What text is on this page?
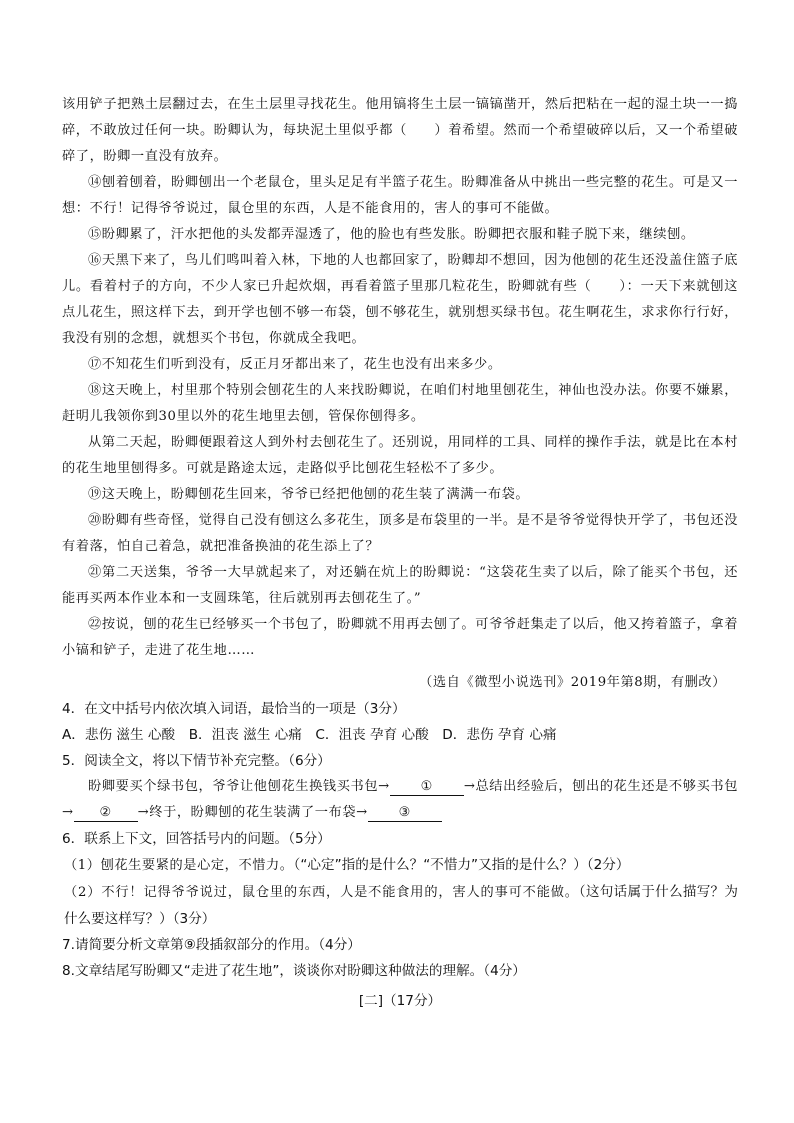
该用铲子把熟土层翻过去，在生土层里寻找花生。他用镐将生土层一镐镐凿开，然后把粘在一起的湿土块一一捣碎，不敢放过任何一块。盼卿认为，每块泥土里似乎都（　　）着希望。然而一个希望破碎以后，又一个希望破碎了，盼卿一直没有放弃。

⑭刨着刨着，盼卿刨出一个老鼠仓，里头足足有半篮子花生。盼卿准备从中挑出一些完整的花生。可是又一想：不行！记得爷爷说过，鼠仓里的东西，人是不能食用的，害人的事可不能做。

⑮盼卿累了，汗水把他的头发都弄湿透了，他的脸也有些发胀。盼卿把衣服和鞋子脱下来，继续刨。

⑯天黑下来了，鸟儿们鸣叫着入林，下地的人也都回家了，盼卿却不想回，因为他刨的花生还没盖住篮子底儿。看着村子的方向，不少人家已升起炊烟，再看着篮子里那几粒花生，盼卿就有些（　　）：一天下来就刨这点儿花生，照这样下去，到开学也刨不够一布袋，刨不够花生，就别想买绿书包。花生啊花生，求求你行行好，我没有别的念想，就想买个书包，你就成全我吧。

⑰不知花生们听到没有，反正月牙都出来了，花生也没有出来多少。

⑱这天晚上，村里那个特别会刨花生的人来找盼卿说，在咱们村地里刨花生，神仙也没办法。你要不嫌累，赶明儿我领你到30里以外的花生地里去刨，管保你刨得多。

从第二天起，盼卿便跟着这人到外村去刨花生了。还别说，用同样的工具、同样的操作手法，就是比在本村的花生地里刨得多。可就是路途太远，走路似乎比刨花生轻松不了多少。

⑲这天晚上，盼卿刨花生回来，爷爷已经把他刨的花生装了满满一布袋。

⑳盼卿有些奇怪，觉得自己没有刨这么多花生，顶多是布袋里的一半。是不是爷爷觉得快开学了，书包还没有着落，怕自己着急，就把准备换油的花生添上了？

㉑第二天送集，爷爷一大早就起来了，对还躺在炕上的盼卿说：“这袋花生卖了以后，除了能买个书包，还能再买两本作业本和一支圆珠笔，往后就别再去刨花生了。”

㉒按说，刨的花生已经够买一个书包了，盼卿就不用再去刨了。可爷爷赶集走了以后，他又挎着篮子，拿着小镐和铲子，走进了花生地……

（选自《微型小说选刊》2019年第8期，有删改）

4．在文中括号内依次填入词语，最恰当的一项是（3分）

A．悲伤 滋生 心酸　B．沮丧 滋生 心痛　C．沮丧 孕育 心酸　D．悲伤 孕育 心痛

5．阅读全文，将以下情节补充完整。（6分）

盼卿要买个绿书包，爷爷让他刨花生换钱买书包→ ① →总结出经验后，刨出的花生还是不够买书包→ ② →终于，盼卿刨的花生装满了一布袋→ ③

6．联系上下文，回答括号内的问题。（5分）

（1）刨花生要紧的是心定，不惜力。（“心定”指的是什么？“不惜力”又指的是什么？）（2分）

（2）不行！记得爷爷说过，鼠仓里的东西，人是不能食用的，害人的事可不能做。（这句话属于什么描写？为什么要这样写？）（3分）

7.请简要分析文章第⑨段插叙部分的作用。（4分）

8.文章结尾写盼卿又“走进了花生地”，谈谈你对盼卿这种做法的理解。（4分）

[二]（17分）
